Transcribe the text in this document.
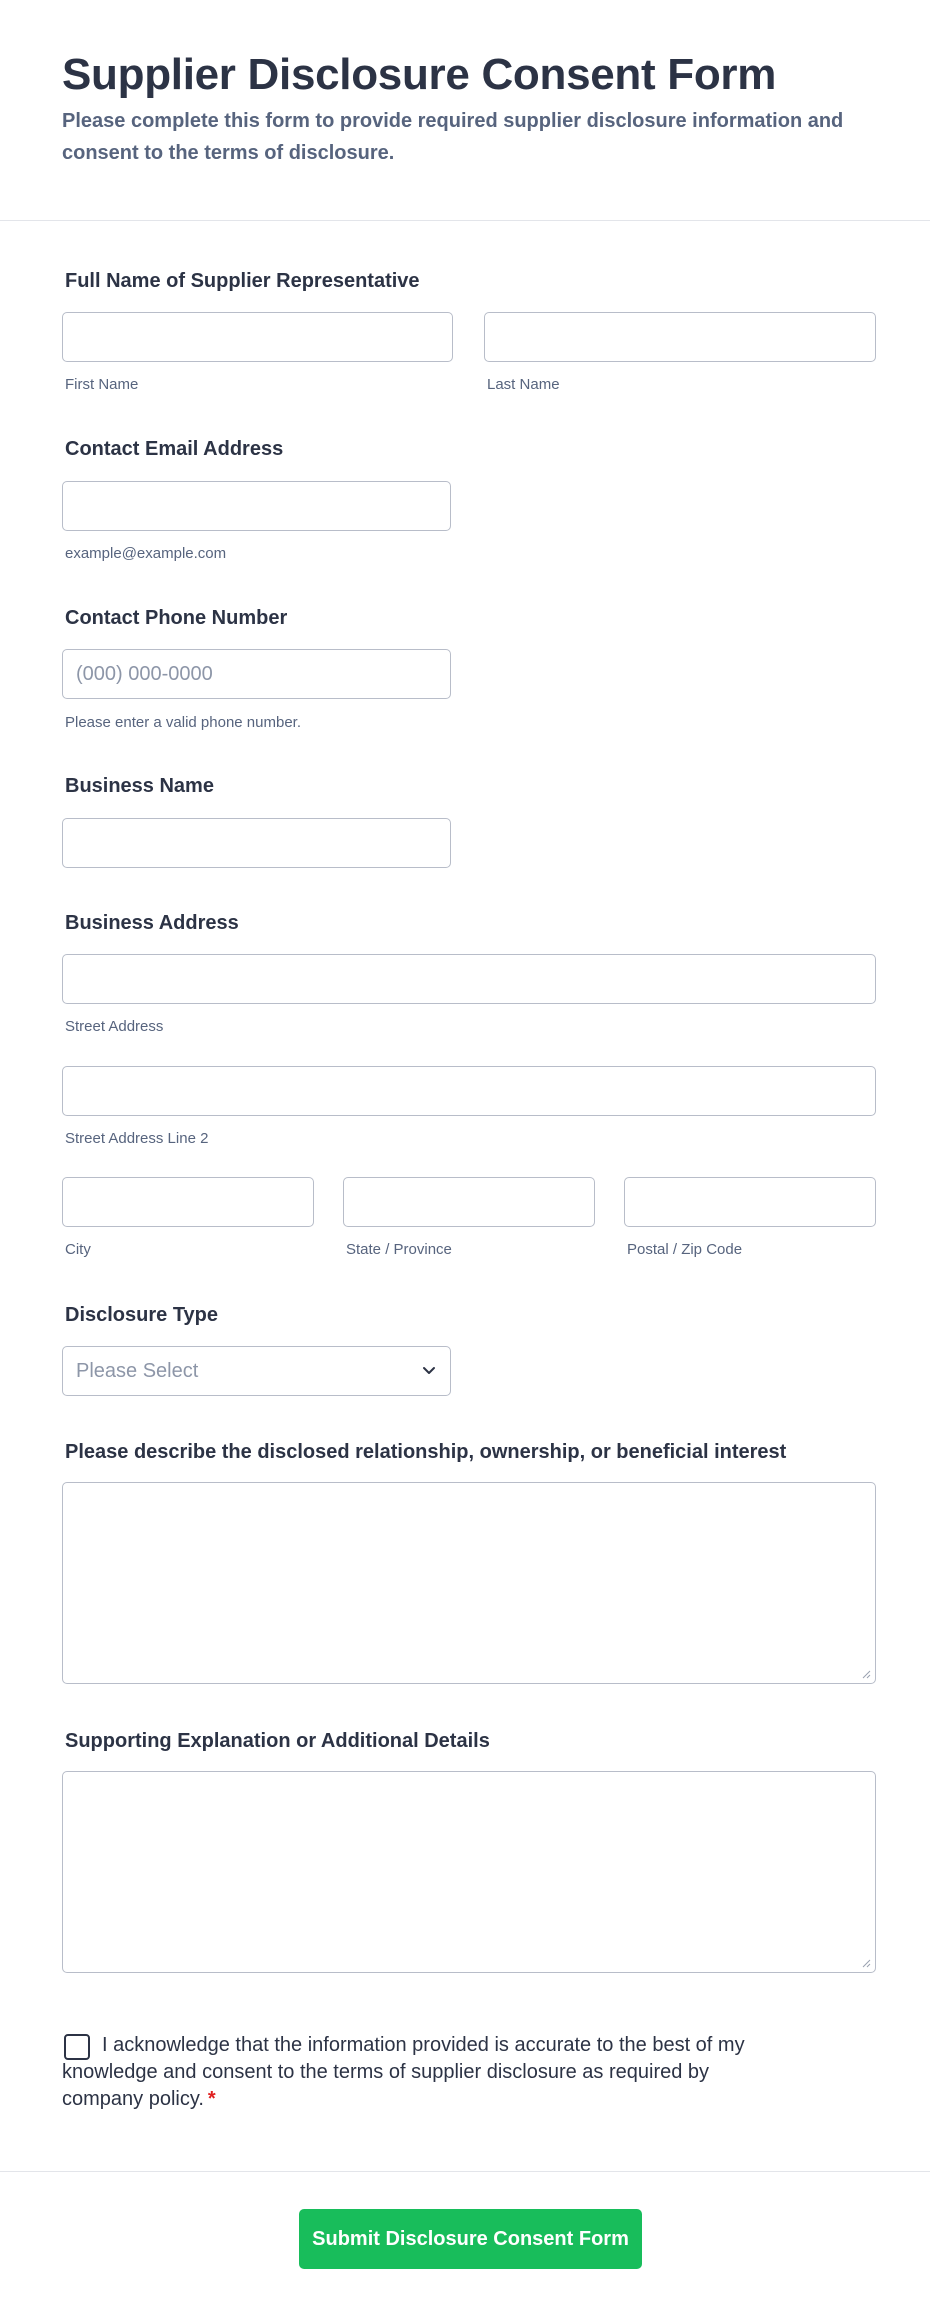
Supplier Disclosure Consent Form

Please complete this form to provide required supplier disclosure information and consent to the terms of disclosure.

Full Name of Supplier Representative
First Name	Last Name
Contact Email Address
example@example.com
Contact Phone Number
(000) 000-0000
Please enter a valid phone number.
Business Name
Business Address
Street Address
Street Address Line 2
City	State / Province	Postal / Zip Code
Disclosure Type
Please Select
Please describe the disclosed relationship, ownership, or beneficial interest
Supporting Explanation or Additional Details

I acknowledge that the information provided is accurate to the best of my knowledge and consent to the terms of supplier disclosure as required by company policy. *

Submit Disclosure Consent Form
